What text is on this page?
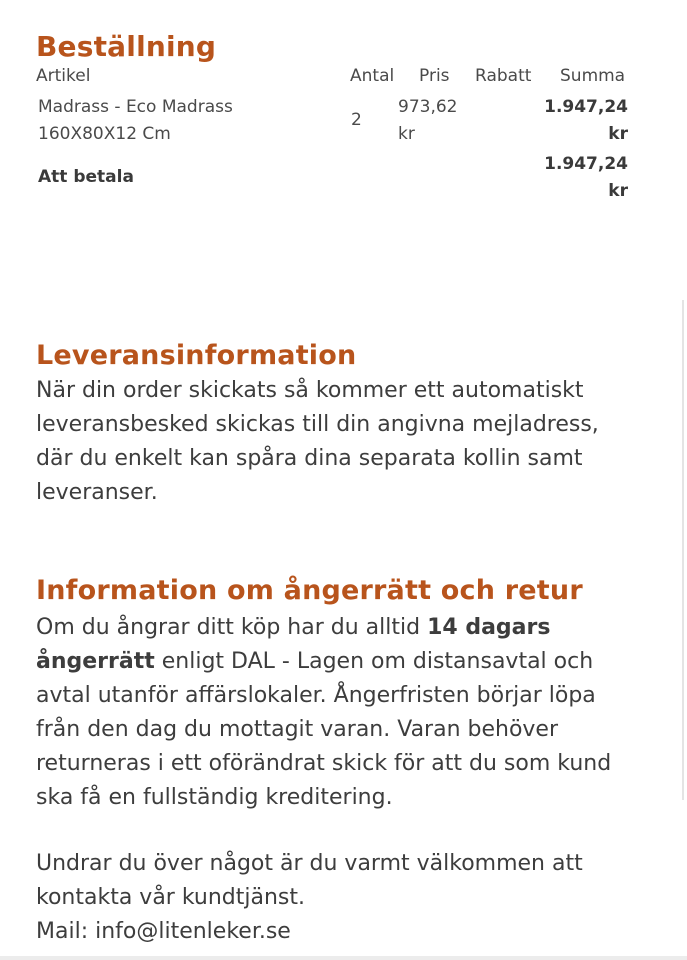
Beställning
Artikel	Antal Pris Rabatt Summa
Madrass - Eco Madrass
160X80X12 Cm
2
973,62
kr
1.947,24
kr
Att betala
1.947,24
kr
Leveransinformation
När din order skickats så kommer ett automatiskt
leveransbesked skickas till din angivna mejladress,
där du enkelt kan spåra dina separata kollin samt
leveranser.
Information om ångerrätt och retur
Om du ångrar ditt köp har du alltid 14 dagars
ångerrätt enligt DAL - Lagen om distansavtal och
avtal utanför affärslokaler. Ångerfristen börjar löpa
från den dag du mottagit varan. Varan behöver
returneras i ett oförändrat skick för att du som kund
ska få en fullständig kreditering.
Undrar du över något är du varmt välkommen att
kontakta vår kundtjänst.
Mail: info@litenleker.se
